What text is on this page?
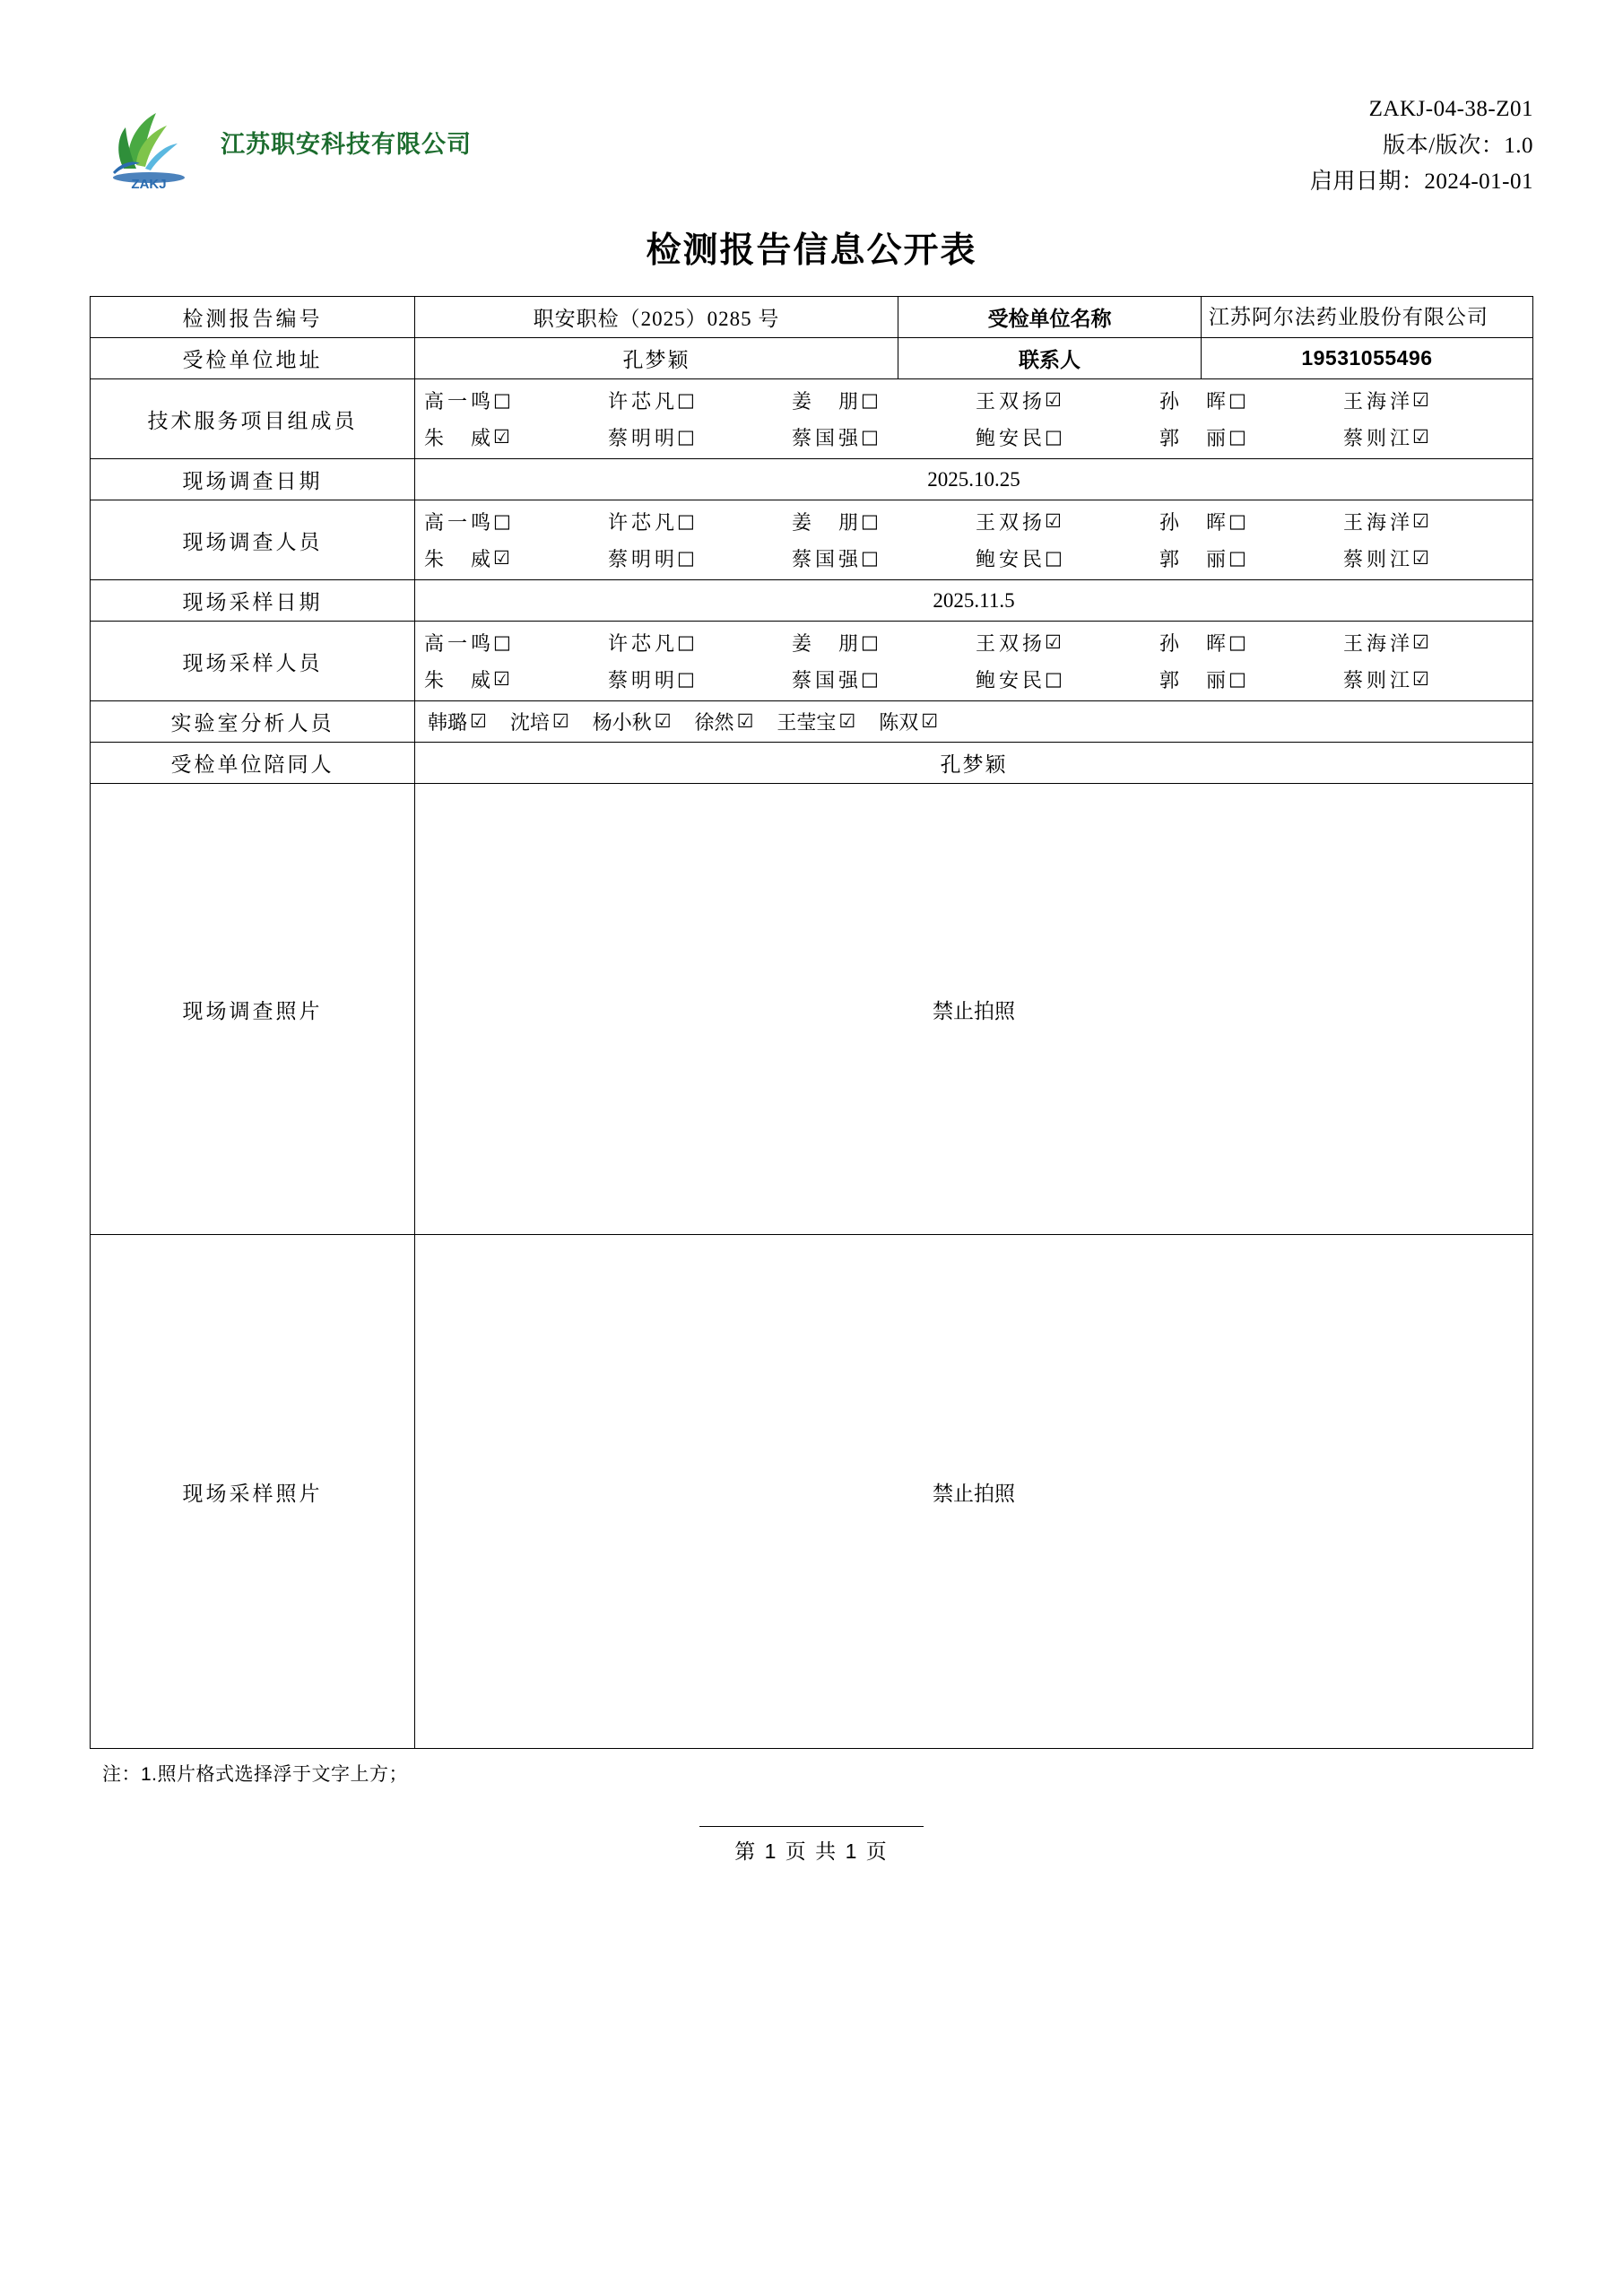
ZAKJ
江苏职安科技有限公司
ZAKJ-04-38-Z01
版本/版次：1.0
启用日期：2024-01-01
检测报告信息公开表
检测报告编号	职安职检（2025）0285 号	受检单位名称	江苏阿尔法药业股份有限公司
受检单位地址	孔梦颖	联系人	19531055496
技术服务项目组成员	
高一鸣 □	许芯凡 □	姜　朋 □	王双扬 ☑	孙　晖 □	王海洋 ☑
朱　威 ☑	蔡明明 □	蔡国强 □	鲍安民 □	郭　丽 □	蔡则江 ☑

现场调查日期	2025.10.25		
现场调查人员	
高一鸣 □	许芯凡 □	姜　朋 □	王双扬 ☑	孙　晖 □	王海洋 ☑
朱　威 ☑	蔡明明 □	蔡国强 □	鲍安民 □	郭　丽 □	蔡则江 ☑

现场采样日期	2025.11.5		
现场采样人员	
高一鸣 □	许芯凡 □	姜　朋 □	王双扬 ☑	孙　晖 □	王海洋 ☑
朱　威 ☑	蔡明明 □	蔡国强 □	鲍安民 □	郭　丽 □	蔡则江 ☑

实验室分析人员	韩璐 ☑ 沈培 ☑ 杨小秋 ☑ 徐然 ☑ 王莹宝 ☑ 陈双 ☑

受检单位陪同人	孔梦颖		
现场调查照片	禁止拍照		
现场采样照片	禁止拍照		
注：1.照片格式选择浮于文字上方；
第 1 页 共 1 页
